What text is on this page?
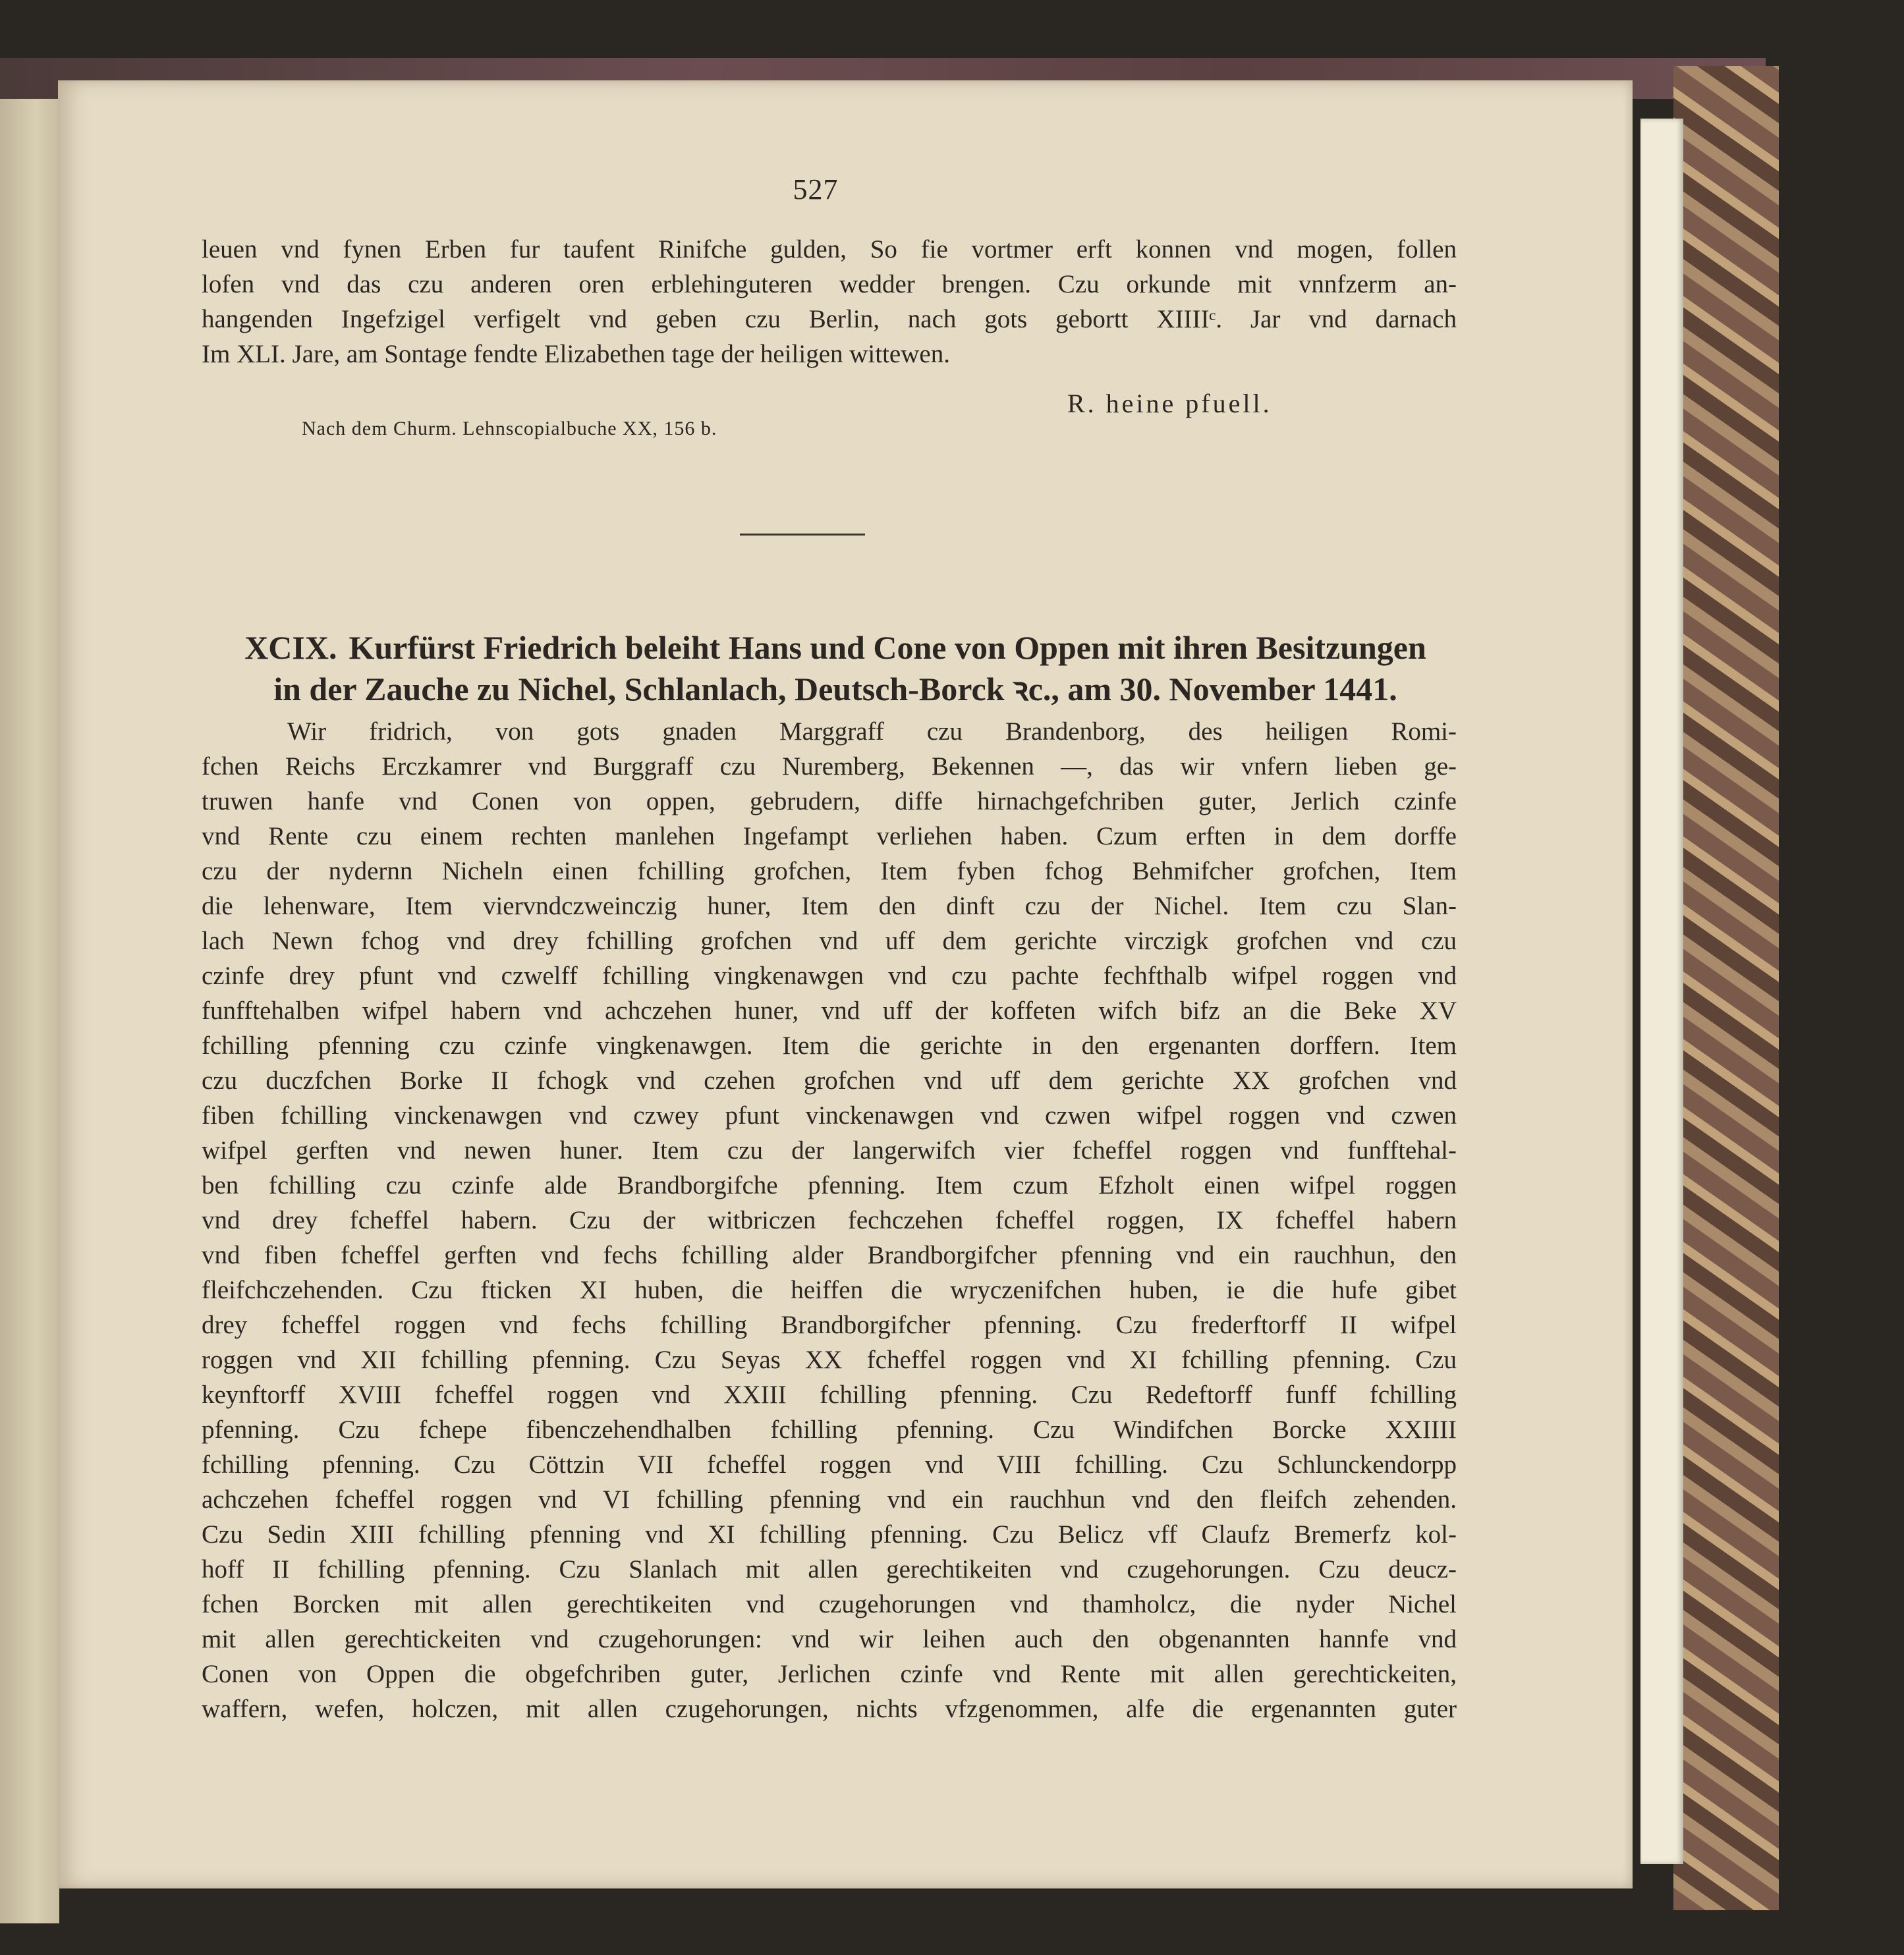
527

leuen vnd fynen Erben fur taufent Rinifche gulden, So fie vortmer erft konnen vnd mogen, follen

lofen vnd das czu anderen oren erblehinguteren wedder brengen. Czu orkunde mit vnnfzerm an-

hangenden Ingefzigel verfigelt vnd geben czu Berlin, nach gots gebortt XIIIIᶜ. Jar vnd darnach

Im XLI. Jare, am Sontage fendte Elizabethen tage der heiligen wittewen.

R. heine pfuell.
Nach dem Churm. Lehnscopialbuche XX, 156 b.
XCIX. Kurfürst Friedrich beleiht Hans und Cone von Oppen mit ihren Besitzungen
in der Zauche zu Nichel, Schlanlach, Deutsch-Borck ꝛc., am 30. November 1441.

Wir fridrich, von gots gnaden Marggraff czu Brandenborg, des heiligen Romi-

fchen Reichs Erczkamrer vnd Burggraff czu Nuremberg, Bekennen —, das wir vnfern lieben ge-

truwen hanfe vnd Conen von oppen, gebrudern, diffe hirnachgefchriben guter, Jerlich czinfe

vnd Rente czu einem rechten manlehen Ingefampt verliehen haben. Czum erften in dem dorffe

czu der nydernn Nicheln einen fchilling grofchen, Item fyben fchog Behmifcher grofchen, Item

die lehenware, Item viervndczweinczig huner, Item den dinft czu der Nichel. Item czu Slan-

lach Newn fchog vnd drey fchilling grofchen vnd uff dem gerichte virczigk grofchen vnd czu

czinfe drey pfunt vnd czwelff fchilling vingkenawgen vnd czu pachte fechfthalb wifpel roggen vnd

funfftehalben wifpel habern vnd achczehen huner, vnd uff der koffeten wifch bifz an die Beke XV

fchilling pfenning czu czinfe vingkenawgen. Item die gerichte in den ergenanten dorffern. Item

czu duczfchen Borke II fchogk vnd czehen grofchen vnd uff dem gerichte XX grofchen vnd

fiben fchilling vinckenawgen vnd czwey pfunt vinckenawgen vnd czwen wifpel roggen vnd czwen

wifpel gerften vnd newen huner. Item czu der langerwifch vier fcheffel roggen vnd funfftehal-

ben fchilling czu czinfe alde Brandborgifche pfenning. Item czum Efzholt einen wifpel roggen

vnd drey fcheffel habern. Czu der witbriczen fechczehen fcheffel roggen, IX fcheffel habern

vnd fiben fcheffel gerften vnd fechs fchilling alder Brandborgifcher pfenning vnd ein rauchhun, den

fleifchczehenden. Czu fticken XI huben, die heiffen die wryczenifchen huben, ie die hufe gibet

drey fcheffel roggen vnd fechs fchilling Brandborgifcher pfenning. Czu frederftorff II wifpel

roggen vnd XII fchilling pfenning. Czu Seyas XX fcheffel roggen vnd XI fchilling pfenning. Czu

keynftorff XVIII fcheffel roggen vnd XXIII fchilling pfenning. Czu Redeftorff funff fchilling

pfenning. Czu fchepe fibenczehendhalben fchilling pfenning. Czu Windifchen Borcke XXIIII

fchilling pfenning. Czu Cöttzin VII fcheffel roggen vnd VIII fchilling. Czu Schlunckendorpp

achczehen fcheffel roggen vnd VI fchilling pfenning vnd ein rauchhun vnd den fleifch zehenden.

Czu Sedin XIII fchilling pfenning vnd XI fchilling pfenning. Czu Belicz vff Claufz Bremerfz kol-

hoff II fchilling pfenning. Czu Slanlach mit allen gerechtikeiten vnd czugehorungen. Czu deucz-

fchen Borcken mit allen gerechtikeiten vnd czugehorungen vnd thamholcz, die nyder Nichel

mit allen gerechtickeiten vnd czugehorungen: vnd wir leihen auch den obgenannten hannfe vnd

Conen von Oppen die obgefchriben guter, Jerlichen czinfe vnd Rente mit allen gerechtickeiten,

waffern, wefen, holczen, mit allen czugehorungen, nichts vfzgenommen, alfe die ergenannten guter
